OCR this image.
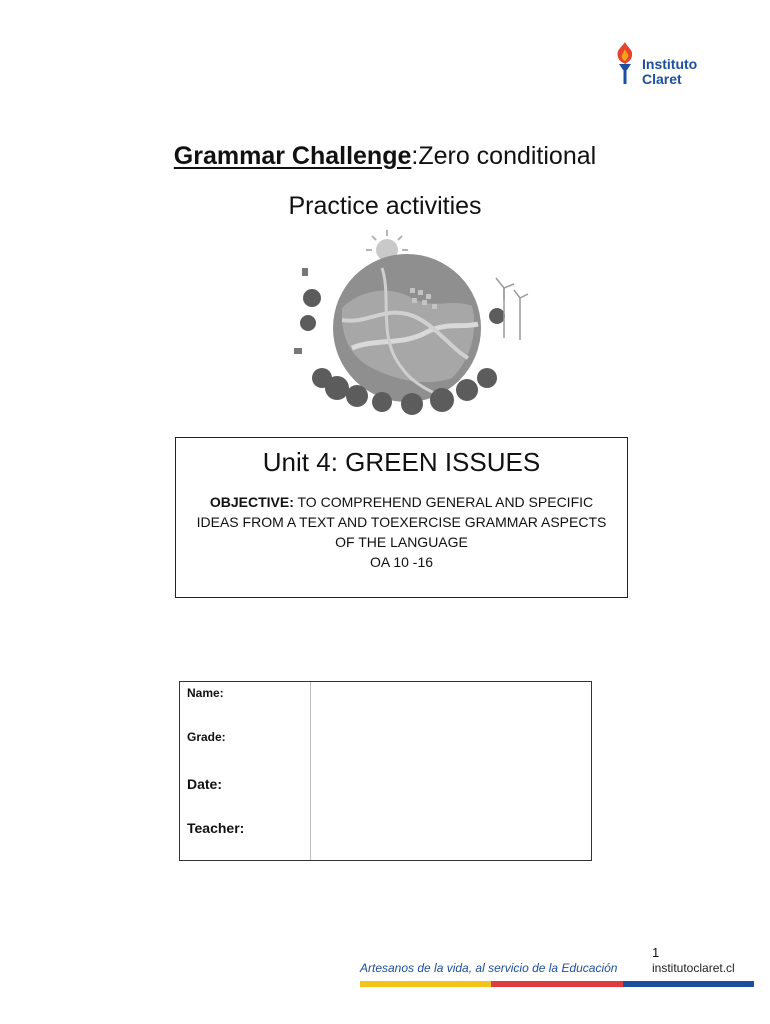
Instituto
Claret
Grammar Challenge:Zero conditional
Practice activities
Unit 4: GREEN ISSUES
OBJECTIVE: TO COMPREHEND GENERAL AND SPECIFIC
IDEAS FROM A TEXT AND TOEXERCISE GRAMMAR ASPECTS
OF THE LANGUAGE
OA 10 -16
Name:
Grade:
Date:
Teacher:
1
Artesanos de la vida, al servicio de la Educación	institutoclaret.cl
